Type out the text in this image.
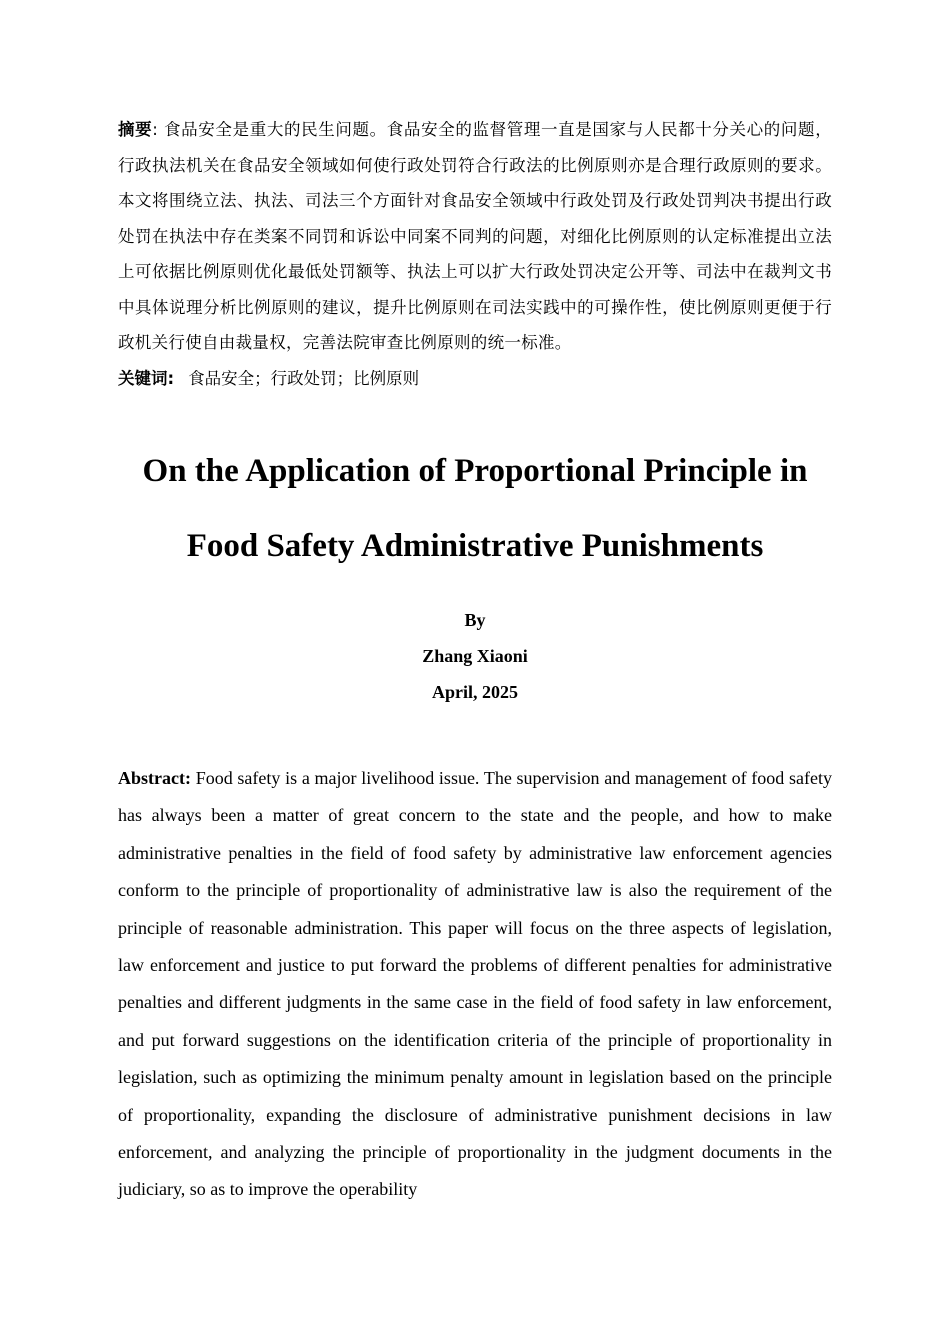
摘要: 食品安全是重大的民生问题。食品安全的监督管理一直是国家与人民都十分关心的问题，行政执法机关在食品安全领域如何使行政处罚符合行政法的比例原则亦是合理行政原则的要求。本文将围绕立法、执法、司法三个方面针对食品安全领域中行政处罚及行政处罚判决书提出行政处罚在执法中存在类案不同罚和诉讼中同案不同判的问题，对细化比例原则的认定标准提出立法上可依据比例原则优化最低处罚额等、执法上可以扩大行政处罚决定公开等、司法中在裁判文书中具体说理分析比例原则的建议，提升比例原则在司法实践中的可操作性，使比例原则更便于行政机关行使自由裁量权，完善法院审查比例原则的统一标准。

关键词: 食品安全；行政处罚；比例原则

On the Application of Proportional Principle in
Food Safety Administrative Punishments

By

Zhang Xiaoni

April, 2025

Abstract: Food safety is a major livelihood issue. The supervision and management of food safety has always been a matter of great concern to the state and the people, and how to make administrative penalties in the field of food safety by administrative law enforcement agencies conform to the principle of proportionality of administrative law is also the requirement of the principle of reasonable administration. This paper will focus on the three aspects of legislation, law enforcement and justice to put forward the problems of different penalties for administrative penalties and different judgments in the same case in the field of food safety in law enforcement, and put forward suggestions on the identification criteria of the principle of proportionality in legislation, such as optimizing the minimum penalty amount in legislation based on the principle of proportionality, expanding the disclosure of administrative punishment decisions in law enforcement, and analyzing the principle of proportionality in the judgment documents in the judiciary, so as to improve the operability
